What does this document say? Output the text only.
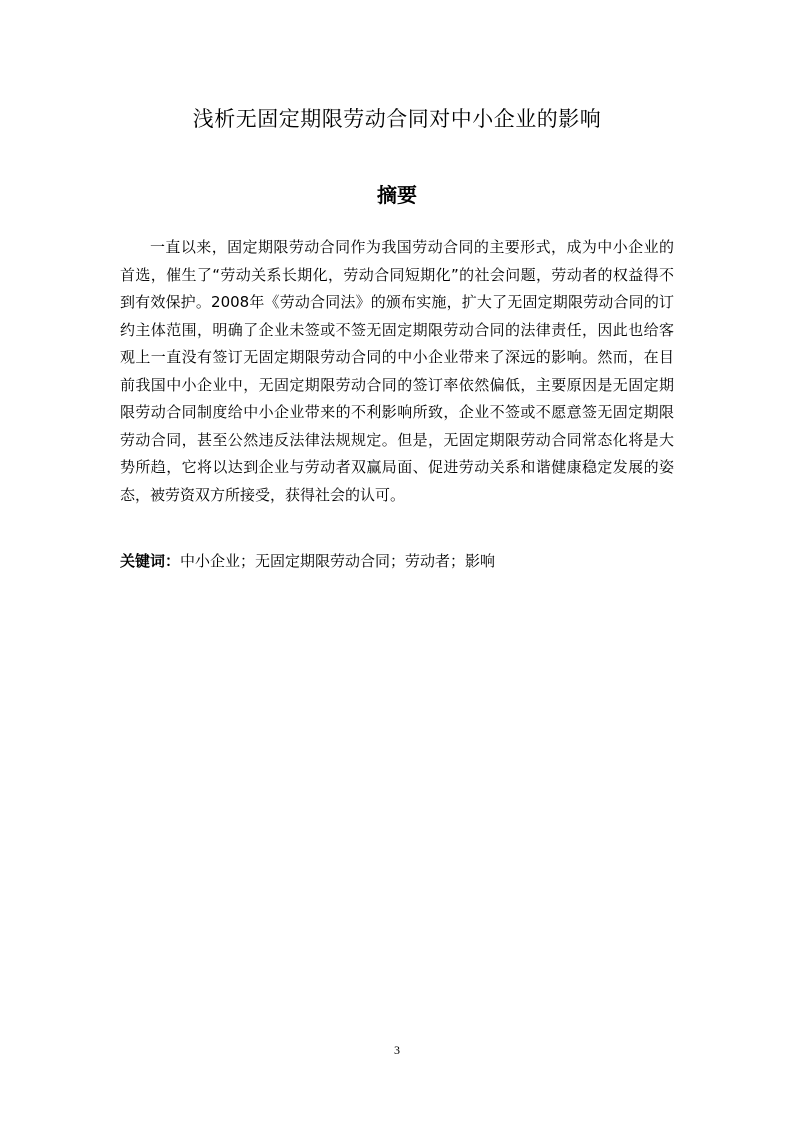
浅析无固定期限劳动合同对中小企业的影响
摘要

一直以来，固定期限劳动合同作为我国劳动合同的主要形式，成为中小企业的首选，催生了“劳动关系长期化，劳动合同短期化”的社会问题，劳动者的权益得不到有效保护。2008年《劳动合同法》的颁布实施，扩大了无固定期限劳动合同的订约主体范围，明确了企业未签或不签无固定期限劳动合同的法律责任，因此也给客观上一直没有签订无固定期限劳动合同的中小企业带来了深远的影响。然而，在目前我国中小企业中，无固定期限劳动合同的签订率依然偏低，主要原因是无固定期限劳动合同制度给中小企业带来的不利影响所致，企业不签或不愿意签无固定期限劳动合同，甚至公然违反法律法规规定。但是，无固定期限劳动合同常态化将是大势所趋，它将以达到企业与劳动者双赢局面、促进劳动关系和谐健康稳定发展的姿态，被劳资双方所接受，获得社会的认可。

关键词：中小企业；无固定期限劳动合同；劳动者；影响

3
